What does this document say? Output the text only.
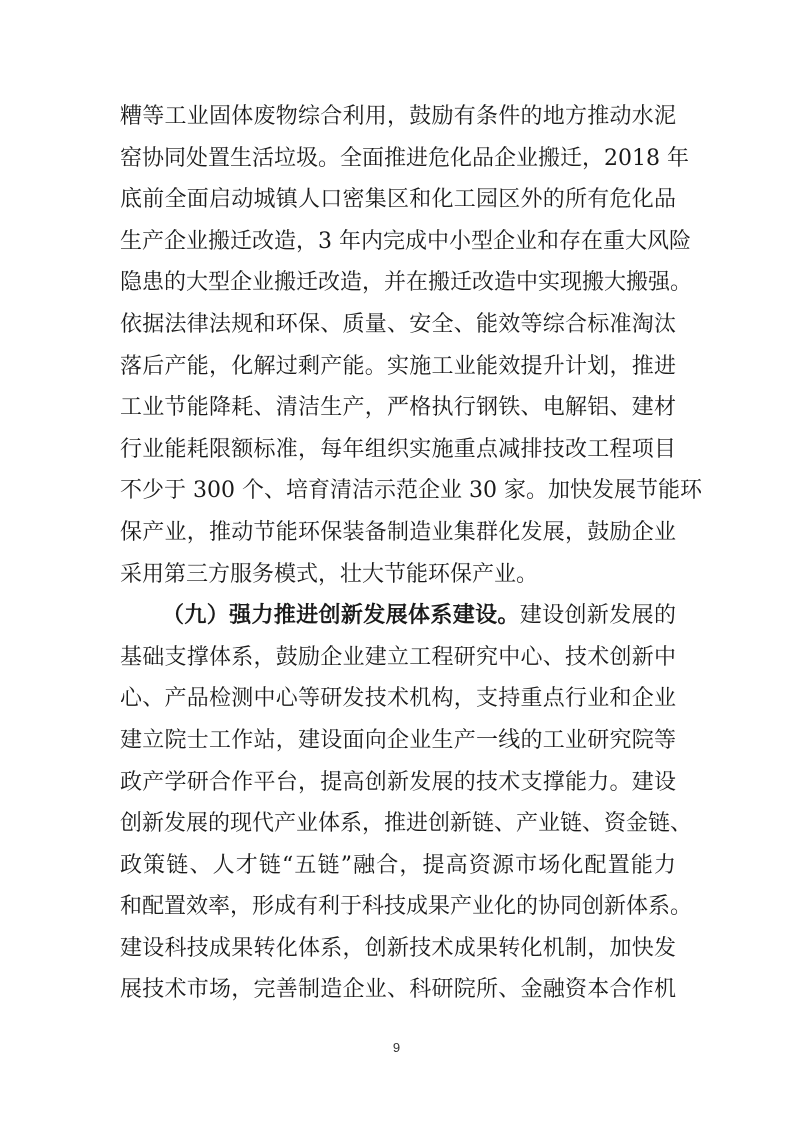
糟等工业固体废物综合利用，鼓励有条件的地方推动水泥
窑协同处置生活垃圾。全面推进危化品企业搬迁，2018 年
底前全面启动城镇人口密集区和化工园区外的所有危化品
生产企业搬迁改造，3 年内完成中小型企业和存在重大风险
隐患的大型企业搬迁改造，并在搬迁改造中实现搬大搬强。
依据法律法规和环保、质量、安全、能效等综合标准淘汰
落后产能，化解过剩产能。实施工业能效提升计划，推进
工业节能降耗、清洁生产，严格执行钢铁、电解铝、建材
行业能耗限额标准，每年组织实施重点减排技改工程项目
不少于 300 个、培育清洁示范企业 30 家。加快发展节能环
保产业，推动节能环保装备制造业集群化发展，鼓励企业
采用第三方服务模式，壮大节能环保产业。
（九）强力推进创新发展体系建设。建设创新发展的
基础支撑体系，鼓励企业建立工程研究中心、技术创新中
心、产品检测中心等研发技术机构，支持重点行业和企业
建立院士工作站，建设面向企业生产一线的工业研究院等
政产学研合作平台，提高创新发展的技术支撑能力。建设
创新发展的现代产业体系，推进创新链、产业链、资金链、
政策链、人才链“五链”融合，提高资源市场化配置能力
和配置效率，形成有利于科技成果产业化的协同创新体系。
建设科技成果转化体系，创新技术成果转化机制，加快发
展技术市场，完善制造企业、科研院所、金融资本合作机
9
